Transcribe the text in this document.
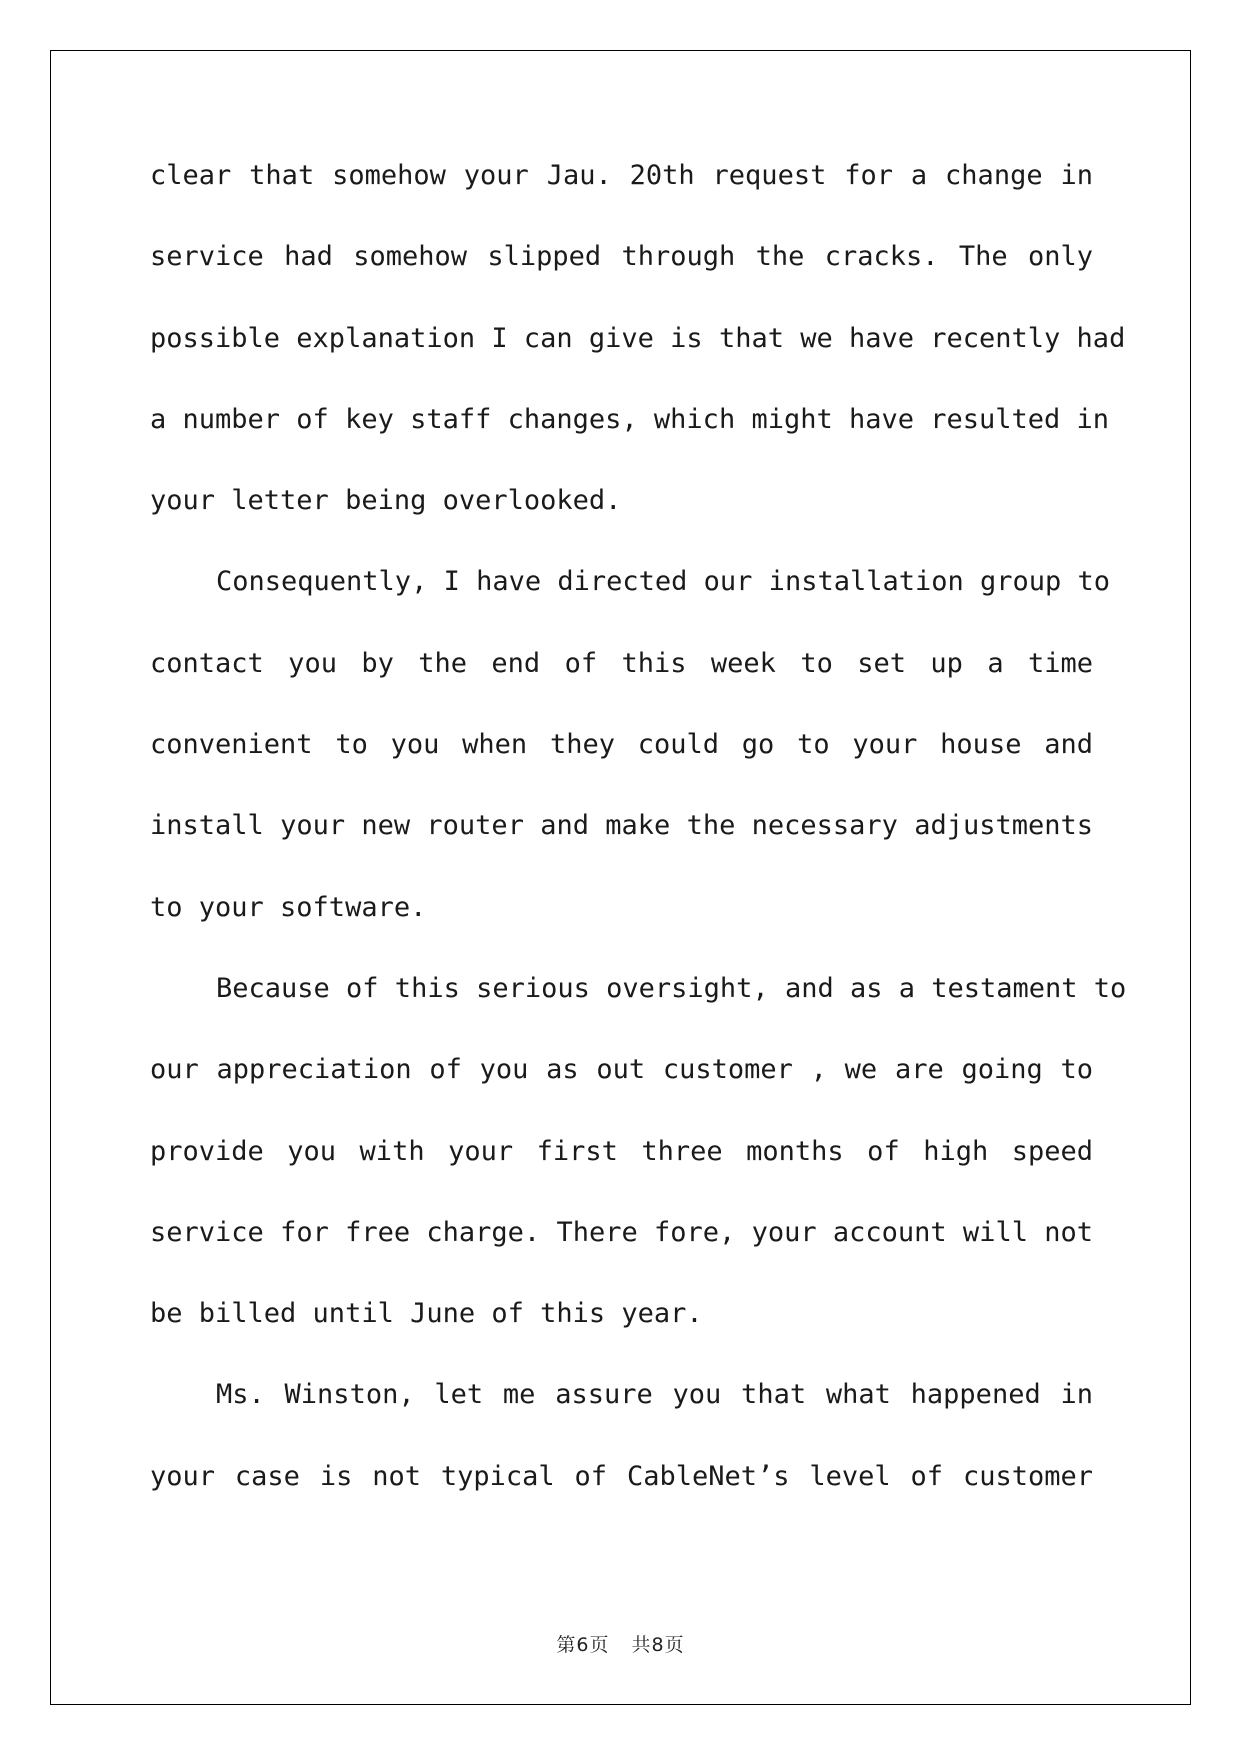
clear that somehow your Jau. 20th request for a change in
service had somehow slipped through the cracks. The only
possible explanation I can give is that we have recently had
a number of key staff changes, which might have resulted in
your letter being overlooked.
Consequently, I have directed our installation group to
contact you by the end of this week to set up a time
convenient to you when they could go to your house and
install your new router and make the necessary adjustments
to your software.
Because of this serious oversight, and as a testament to
our appreciation of you as out customer , we are going to
provide you with your first three months of high speed
service for free charge. There fore, your account will not
be billed until June of this year.
Ms. Winston, let me assure you that what happened in
your case is not typical of CableNet’s level of customer
第6页 共8页
